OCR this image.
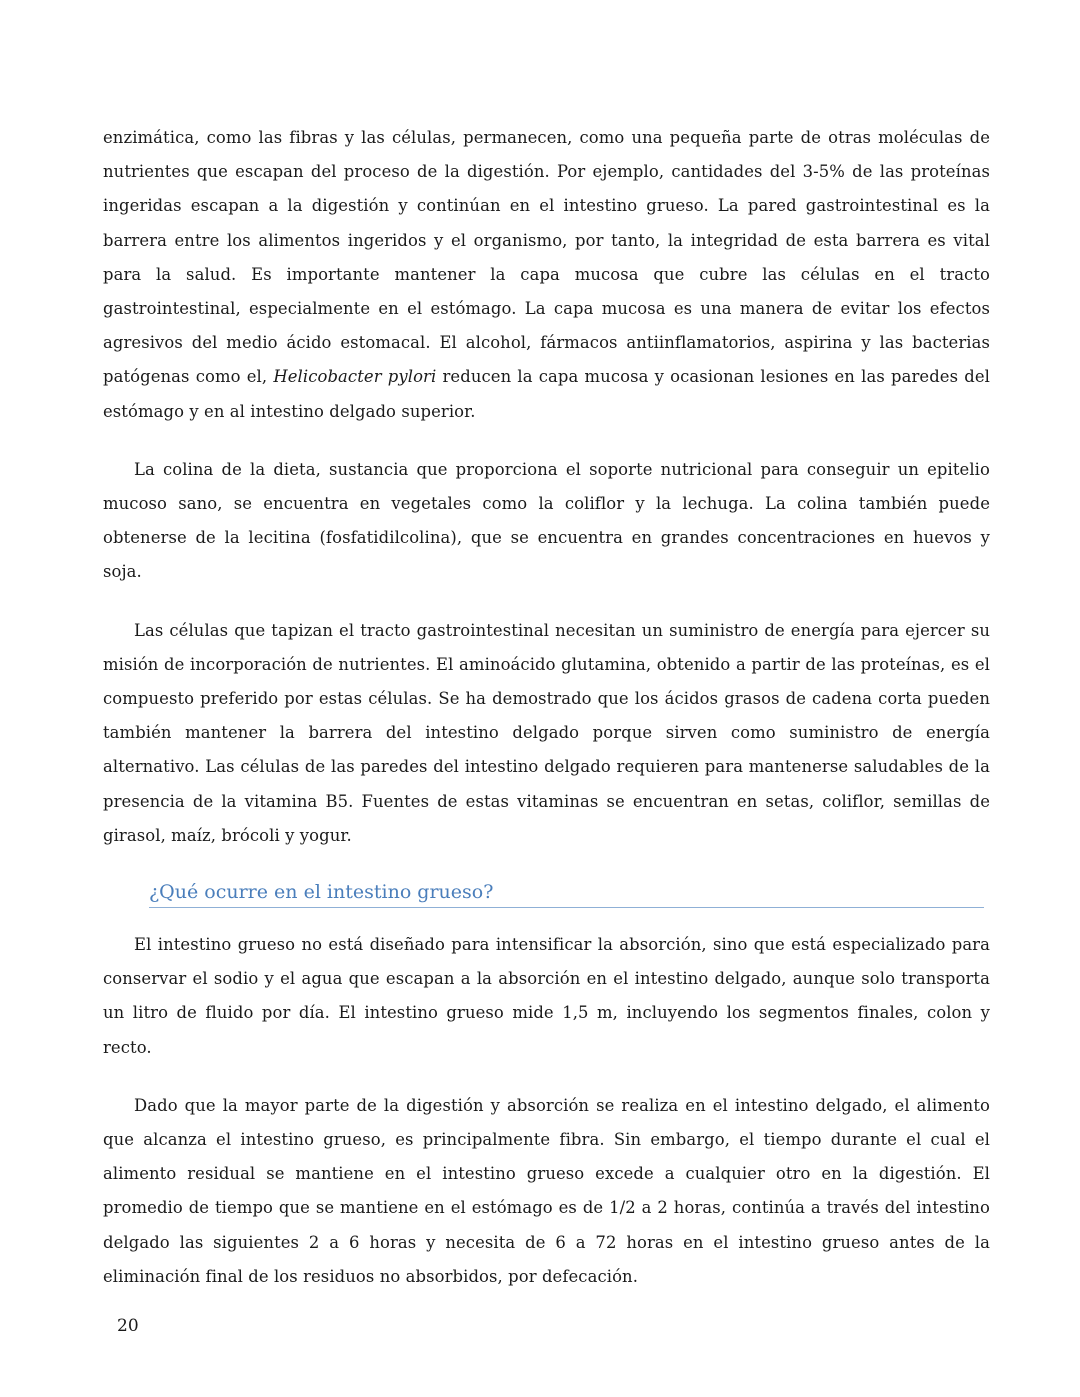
enzimática, como las fibras y las células, permanecen, como una pequeña parte de otras moléculas de nutrientes que escapan del proceso de la digestión. Por ejemplo, cantidades del 3-5% de las proteínas ingeridas escapan a la digestión y continúan en el intestino grueso. La pared gastrointestinal es la barrera entre los alimentos ingeridos y el organismo, por tanto, la integridad de esta barrera es vital para la salud. Es importante mantener la capa mucosa que cubre las células en el tracto gastrointestinal, especialmente en el estómago. La capa mucosa es una manera de evitar los efectos agresivos del medio ácido estomacal. El alcohol, fármacos antiinflamatorios, aspirina y las bacterias patógenas como el, Helicobacter pylori reducen la capa mucosa y ocasionan lesiones en las paredes del estómago y en al intestino delgado superior.

La colina de la dieta, sustancia que proporciona el soporte nutricional para conseguir un epitelio mucoso sano, se encuentra en vegetales como la coliflor y la lechuga. La colina también puede obtenerse de la lecitina (fosfatidilcolina), que se encuentra en grandes concentraciones en huevos y soja.

Las células que tapizan el tracto gastrointestinal necesitan un suministro de energía para ejercer su misión de incorporación de nutrientes. El aminoácido glutamina, obtenido a partir de las proteínas, es el compuesto preferido por estas células. Se ha demostrado que los ácidos grasos de cadena corta pueden también mantener la barrera del intestino delgado porque sirven como suministro de energía alternativo. Las células de las paredes del intestino delgado requieren para mantenerse saludables de la presencia de la vitamina B5. Fuentes de estas vitaminas se encuentran en setas, coliflor, semillas de girasol, maíz, brócoli y yogur.

¿Qué ocurre en el intestino grueso?

El intestino grueso no está diseñado para intensificar la absorción, sino que está especializado para conservar el sodio y el agua que escapan a la absorción en el intestino delgado, aunque solo transporta un litro de fluido por día. El intestino grueso mide 1,5 m, incluyendo los segmentos finales, colon y recto.

Dado que la mayor parte de la digestión y absorción se realiza en el intestino delgado, el alimento que alcanza el intestino grueso, es principalmente fibra. Sin embargo, el tiempo durante el cual el alimento residual se mantiene en el intestino grueso excede a cualquier otro en la digestión. El promedio de tiempo que se mantiene en el estómago es de 1/2 a 2 horas, continúa a través del intestino delgado las siguientes 2 a 6 horas y necesita de 6 a 72 horas en el intestino grueso antes de la eliminación final de los residuos no absorbidos, por defecación.

20
